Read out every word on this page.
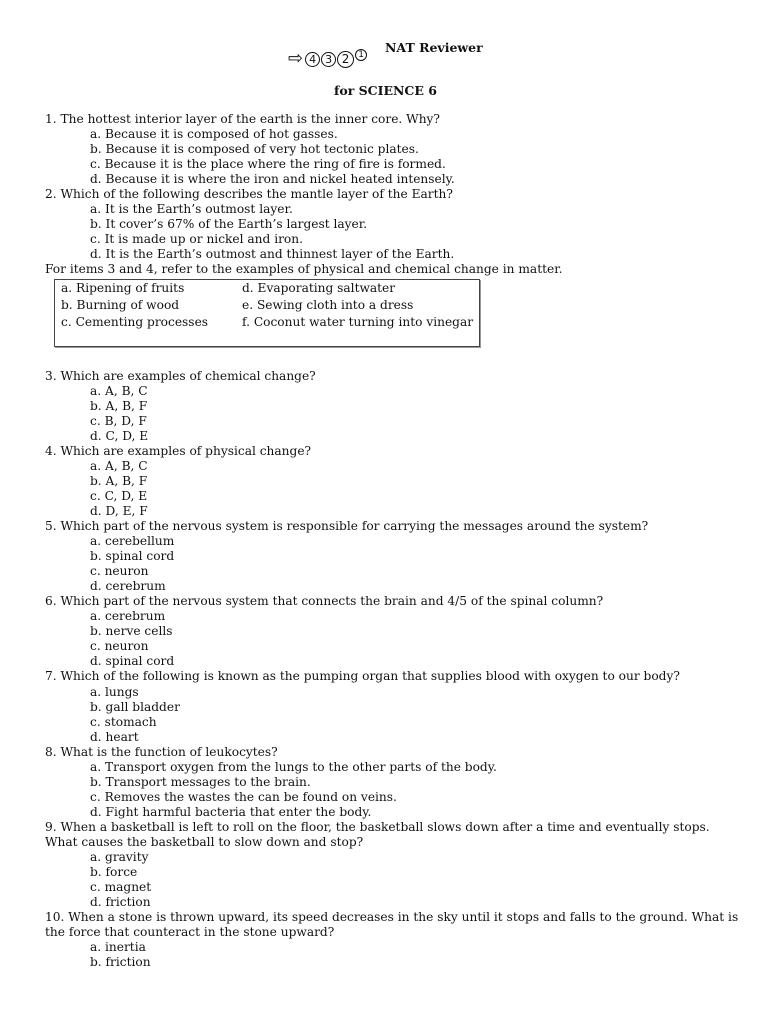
⇨ 4 3 2 1 NAT Reviewer
for SCIENCE 6
1. The hottest interior layer of the earth is the inner core. Why?
a. Because it is composed of hot gasses.
b. Because it is composed of very hot tectonic plates.
c. Because it is the place where the ring of fire is formed.
d. Because it is where the iron and nickel heated intensely.
2. Which of the following describes the mantle layer of the Earth?
a. It is the Earth’s outmost layer.
b. It cover’s 67% of the Earth’s largest layer.
c. It is made up or nickel and iron.
d. It is the Earth’s outmost and thinnest layer of the Earth.
For items 3 and 4, refer to the examples of physical and chemical change in matter.
a. Ripening of fruits
b. Burning of wood
c. Cementing processes
d. Evaporating saltwater
e. Sewing cloth into a dress
f. Coconut water turning into vinegar
3. Which are examples of chemical change?
a. A, B, C
b. A, B, F
c. B, D, F
d. C, D, E
4. Which are examples of physical change?
a. A, B, C
b. A, B, F
c. C, D, E
d. D, E, F
5. Which part of the nervous system is responsible for carrying the messages around the system?
a. cerebellum
b. spinal cord
c. neuron
d. cerebrum
6. Which part of the nervous system that connects the brain and 4/5 of the spinal column?
a. cerebrum
b. nerve cells
c. neuron
d. spinal cord
7. Which of the following is known as the pumping organ that supplies blood with oxygen to our body?
a. lungs
b. gall bladder
c. stomach
d. heart
8. What is the function of leukocytes?
a. Transport oxygen from the lungs to the other parts of the body.
b. Transport messages to the brain.
c. Removes the wastes the can be found on veins.
d. Fight harmful bacteria that enter the body.
9. When a basketball is left to roll on the floor, the basketball slows down after a time and eventually stops.
What causes the basketball to slow down and stop?
a. gravity
b. force
c. magnet
d. friction
10. When a stone is thrown upward, its speed decreases in the sky until it stops and falls to the ground. What is
the force that counteract in the stone upward?
a. inertia
b. friction
